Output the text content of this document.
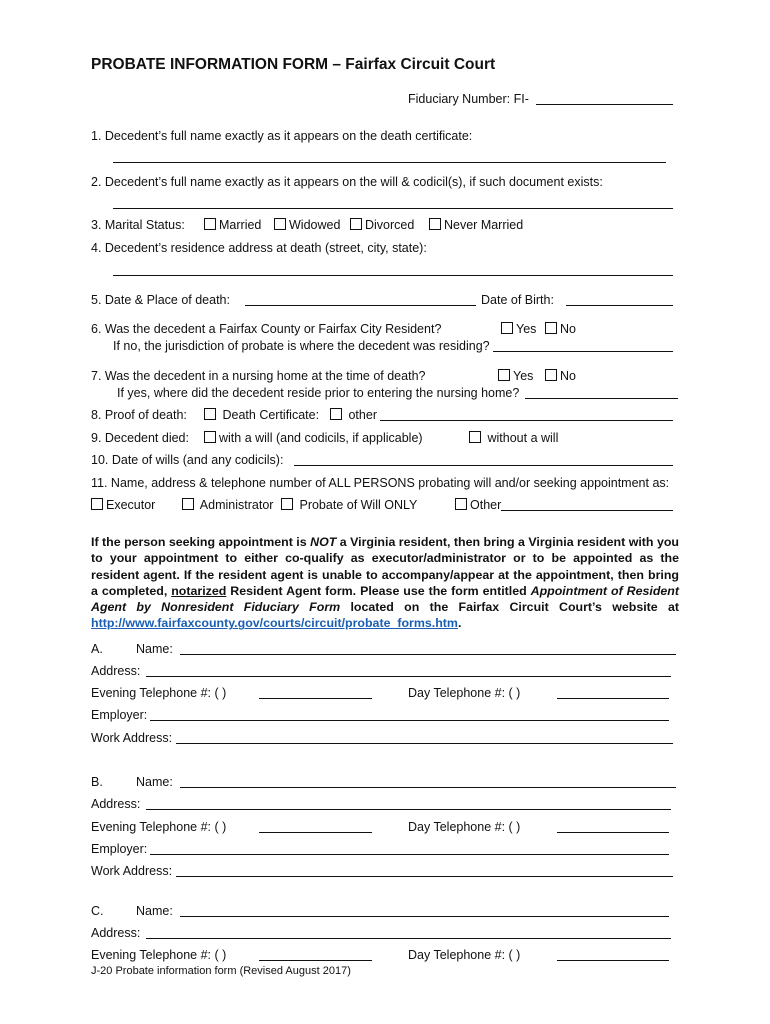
PROBATE INFORMATION FORM – Fairfax Circuit Court
Fiduciary Number: FI-
1. Decedent’s full name exactly as it appears on the death certificate:
2. Decedent’s full name exactly as it appears on the will & codicil(s), if such document exists:
3. Marital Status:	Married	Widowed	Divorced	Never Married
4. Decedent’s residence address at death (street, city, state):
5. Date & Place of death:	Date of Birth:
6. Was the decedent a Fairfax County or Fairfax City Resident?	Yes	No
If no, the jurisdiction of probate is where the decedent was residing?
7. Was the decedent in a nursing home at the time of death?	Yes	No
If yes, where did the decedent reside prior to entering the nursing home?
8. Proof of death:	Death Certificate:	other
9. Decedent died:	with a will (and codicils, if applicable)	without a will
10. Date of wills (and any codicils):
11. Name, address & telephone number of ALL PERSONS probating will and/or seeking appointment as:
Executor	Administrator	Probate of Will ONLY	Other
If the person seeking appointment is NOT a Virginia resident, then bring a Virginia resident with you to your appointment to either co-qualify as executor/administrator or to be appointed as the resident agent. If the resident agent is unable to accompany/appear at the appointment, then bring a completed, notarized Resident Agent form. Please use the form entitled Appointment of Resident Agent by Nonresident Fiduciary Form located on the Fairfax Circuit Court’s website at http://www.fairfaxcounty.gov/courts/circuit/probate_forms.htm.
A.	Name:
Address:
Evening Telephone #: ( )	Day Telephone #: ( )
Employer:
Work Address:
B.	Name:
Address:
Evening Telephone #: ( )	Day Telephone #: ( )
Employer:
Work Address:
C.	Name:
Address:
Evening Telephone #: ( )	Day Telephone #: ( )
J-20 Probate information form (Revised August 2017)
